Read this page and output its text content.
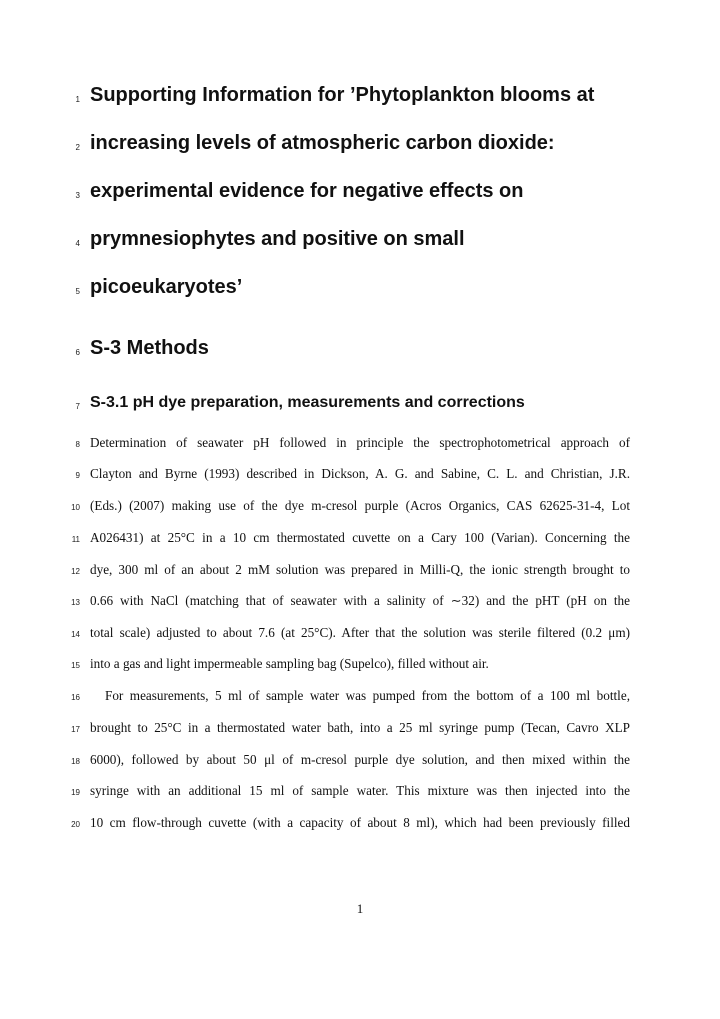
1 Supporting Information for ’Phytoplankton blooms at
2 increasing levels of atmospheric carbon dioxide:
3 experimental evidence for negative effects on
4 prymnesiophytes and positive on small
5 picoeukaryotes’
6 S-3 Methods
7 S-3.1 pH dye preparation, measurements and corrections
8 Determination of seawater pH followed in principle the spectrophotometrical approach of
9 Clayton and Byrne (1993) described in Dickson, A. G. and Sabine, C. L. and Christian, J.R.
10 (Eds.) (2007) making use of the dye m-cresol purple (Acros Organics, CAS 62625-31-4, Lot
11 A026431) at 25°C in a 10 cm thermostated cuvette on a Cary 100 (Varian). Concerning the
12 dye, 300 ml of an about 2 mM solution was prepared in Milli-Q, the ionic strength brought to
13 0.66 with NaCl (matching that of seawater with a salinity of ∼32) and the pHT (pH on the
14 total scale) adjusted to about 7.6 (at 25°C). After that the solution was sterile filtered (0.2 μm)
15 into a gas and light impermeable sampling bag (Supelco), filled without air.
16 For measurements, 5 ml of sample water was pumped from the bottom of a 100 ml bottle,
17 brought to 25°C in a thermostated water bath, into a 25 ml syringe pump (Tecan, Cavro XLP
18 6000), followed by about 50 μl of m-cresol purple dye solution, and then mixed within the
19 syringe with an additional 15 ml of sample water. This mixture was then injected into the
20 10 cm flow-through cuvette (with a capacity of about 8 ml), which had been previously filled
1
